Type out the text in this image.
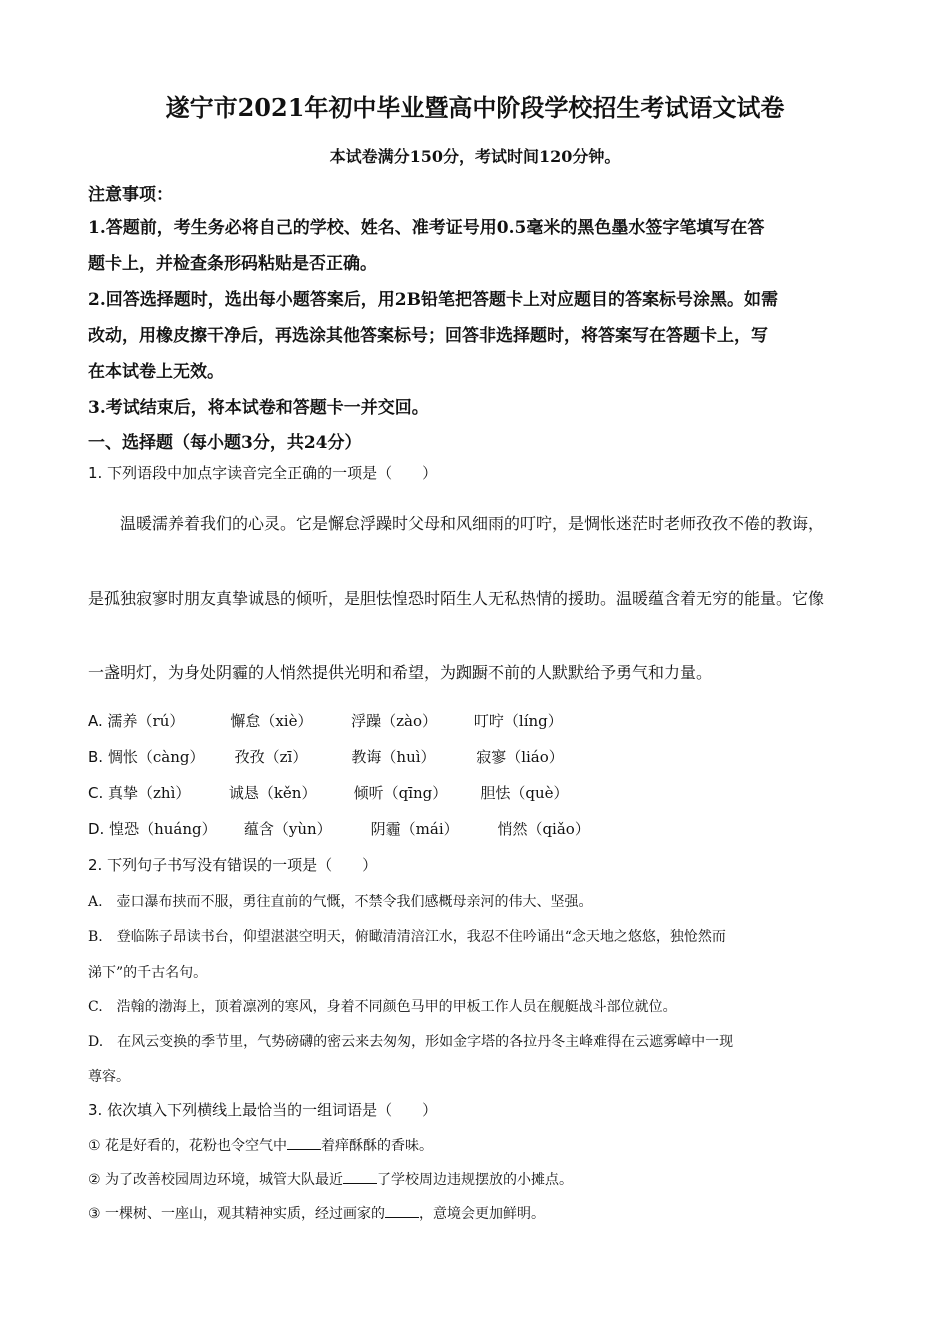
遂宁市2021年初中毕业暨高中阶段学校招生考试语文试卷
本试卷满分150分，考试时间120分钟。
注意事项：
1.答题前，考生务必将自己的学校、姓名、准考证号用0.5毫米的黑色墨水签字笔填写在答
题卡上，并检查条形码粘贴是否正确。
2.回答选择题时，选出每小题答案后，用2B铅笔把答题卡上对应题目的答案标号涂黑。如需
改动，用橡皮擦干净后，再选涂其他答案标号；回答非选择题时，将答案写在答题卡上，写
在本试卷上无效。
3.考试结束后，将本试卷和答题卡一并交回。
一、选择题（每小题3分，共24分）
1. 下列语段中加点字读音完全正确的一项是（　　）
温暖濡养着我们的心灵。它是懈怠浮躁时父母和风细雨的叮咛，是惆怅迷茫时老师孜孜不倦的教诲，
是孤独寂寥时朋友真挚诚恳的倾听，是胆怯惶恐时陌生人无私热情的援助。温暖蕴含着无穷的能量。它像
一盏明灯，为身处阴霾的人悄然提供光明和希望，为踟蹰不前的人默默给予勇气和力量。
A. 濡养（rú）	懈怠（xiè）	浮躁（zào） 叮咛（líng）
B. 惆怅（càng） 孜孜（zī）	教诲（huì）	寂寥（liáo）
C. 真挚（zhì）	诚恳（kěn） 倾听（qīng） 胆怯（què）
D. 惶恐（huáng） 蕴含（yùn）	阴霾（mái）	悄然（qiǎo）
2. 下列句子书写没有错误的一项是（　　）
A.　壶口瀑布挟而不服，勇往直前的气慨，不禁令我们感概母亲河的伟大、坚强。
B.　登临陈子昂读书台，仰望湛湛空明天，俯瞰清清涪江水，我忍不住吟诵出“念天地之悠悠，独怆然而
涕下”的千古名句。
C.　浩翰的渤海上，顶着凛冽的寒风，身着不同颜色马甲的甲板工作人员在舰艇战斗部位就位。
D.　在风云变换的季节里，气势磅礴的密云来去匆匆，形如金字塔的各拉丹冬主峰难得在云遮雾嶂中一现
尊容。
3. 依次填入下列横线上最恰当的一组词语是（　　）
① 花是好看的，花粉也令空气中 着痒酥酥的香味。
② 为了改善校园周边环境，城管大队最近 了学校周边违规摆放的小摊点。
③ 一棵树、一座山，观其精神实质，经过画家的 ，意境会更加鲜明。
